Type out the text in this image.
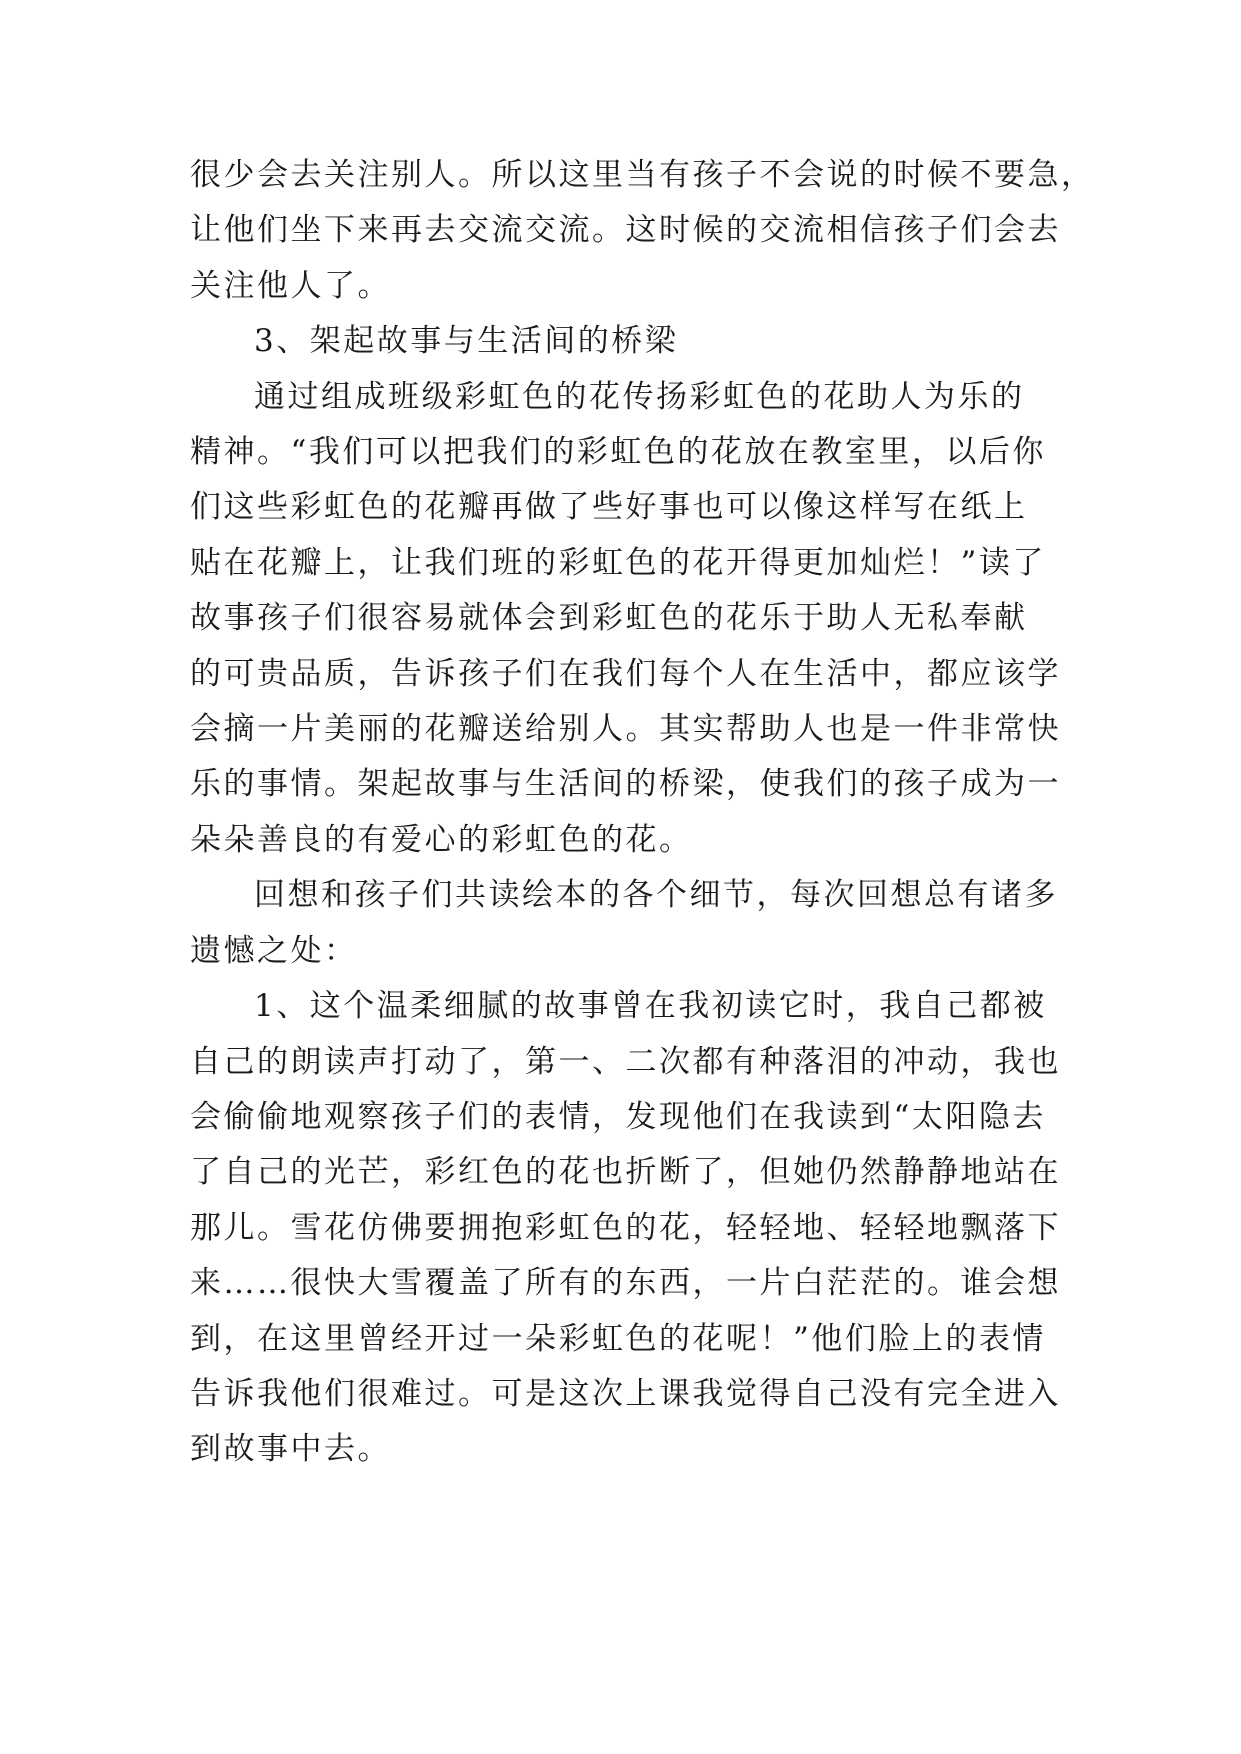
很少会去关注别人。所以这里当有孩子不会说的时候不要急，
让他们坐下来再去交流交流。这时候的交流相信孩子们会去
关注他人了。

3、架起故事与生活间的桥梁

通过组成班级彩虹色的花传扬彩虹色的花助人为乐的
精神。“我们可以把我们的彩虹色的花放在教室里，以后你
们这些彩虹色的花瓣再做了些好事也可以像这样写在纸上
贴在花瓣上，让我们班的彩虹色的花开得更加灿烂！”读了
故事孩子们很容易就体会到彩虹色的花乐于助人无私奉献
的可贵品质，告诉孩子们在我们每个人在生活中，都应该学
会摘一片美丽的花瓣送给别人。其实帮助人也是一件非常快
乐的事情。架起故事与生活间的桥梁，使我们的孩子成为一
朵朵善良的有爱心的彩虹色的花。

回想和孩子们共读绘本的各个细节，每次回想总有诸多
遗憾之处：

1、这个温柔细腻的故事曾在我初读它时，我自己都被
自己的朗读声打动了，第一、二次都有种落泪的冲动，我也
会偷偷地观察孩子们的表情，发现他们在我读到“太阳隐去
了自己的光芒，彩红色的花也折断了，但她仍然静静地站在
那儿。雪花仿佛要拥抱彩虹色的花，轻轻地、轻轻地飘落下
来……很快大雪覆盖了所有的东西，一片白茫茫的。谁会想
到，在这里曾经开过一朵彩虹色的花呢！”他们脸上的表情
告诉我他们很难过。可是这次上课我觉得自己没有完全进入
到故事中去。
